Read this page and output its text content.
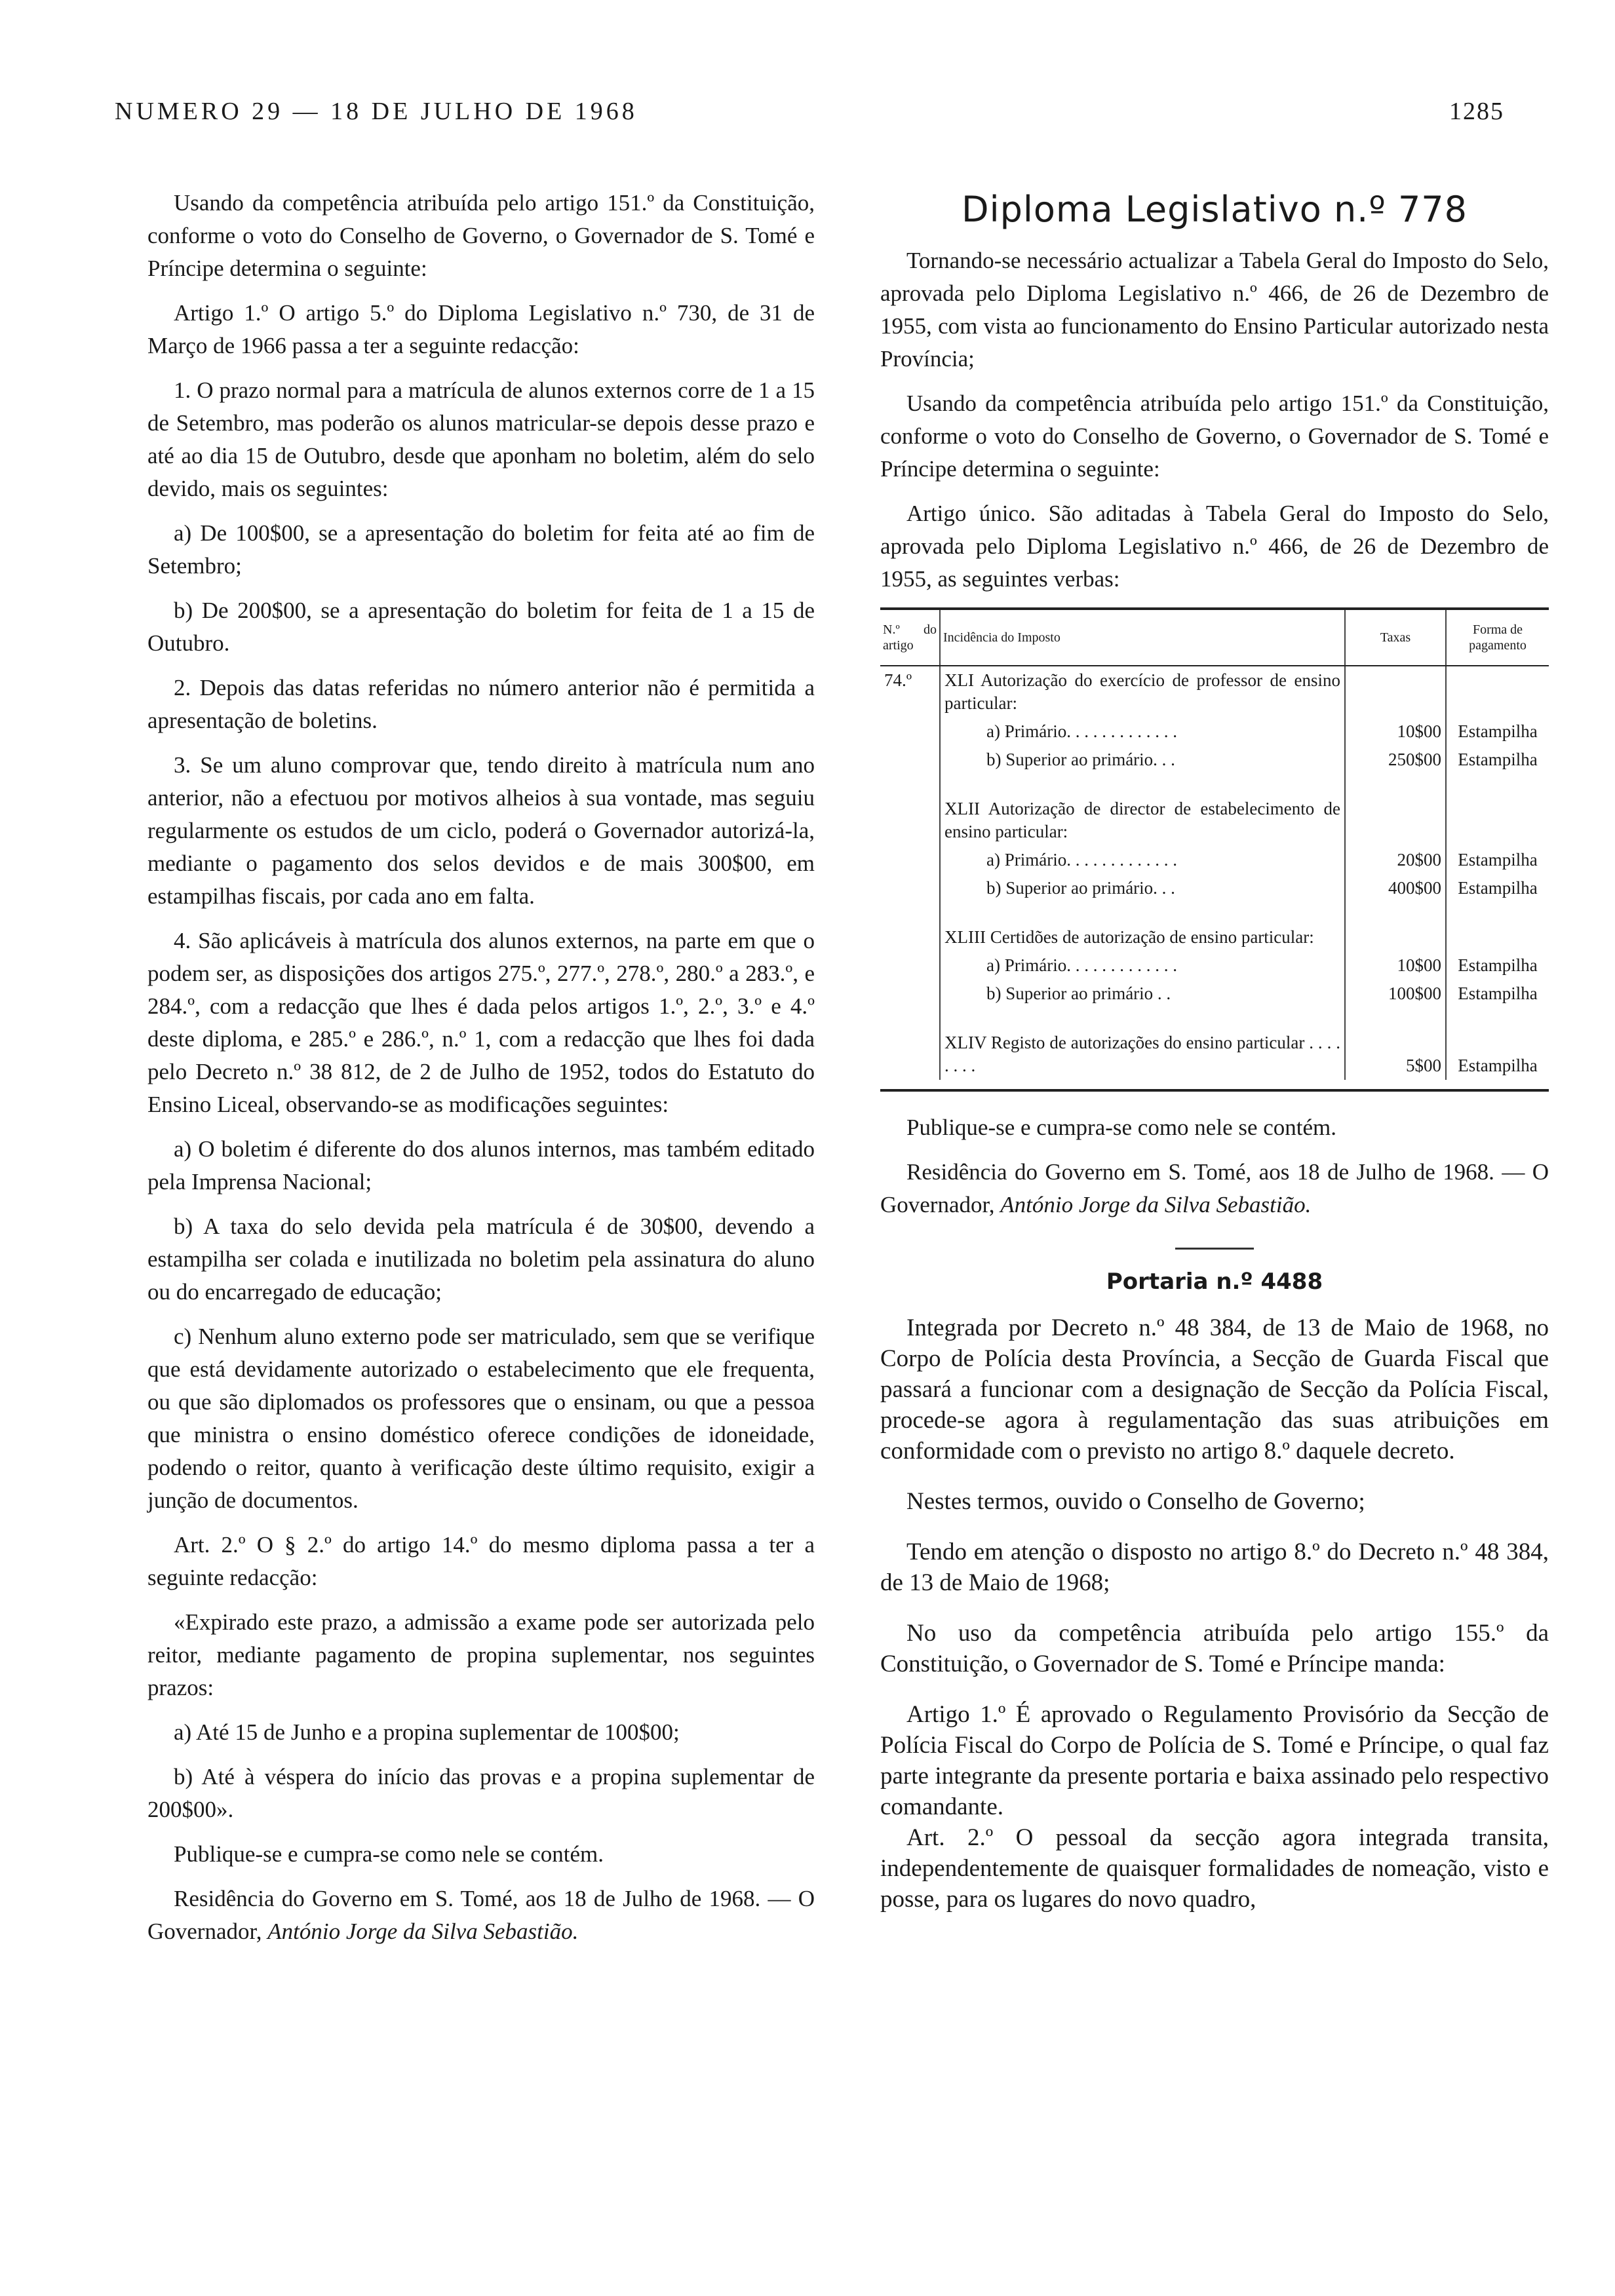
NUMERO 29 — 18 DE JULHO DE 1968	1285

Usando da competência atribuída pelo artigo 151.º da Constituição, conforme o voto do Conselho de Governo, o Governador de S. Tomé e Príncipe determina o seguinte:

Artigo 1.º O artigo 5.º do Diploma Legislativo n.º 730, de 31 de Março de 1966 passa a ter a seguinte redacção:

1. O prazo normal para a matrícula de alunos externos corre de 1 a 15 de Setembro, mas poderão os alunos matricular-se depois desse prazo e até ao dia 15 de Outubro, desde que aponham no boletim, além do selo devido, mais os seguintes:

a) De 100$00, se a apresentação do boletim for feita até ao fim de Setembro;

b) De 200$00, se a apresentação do boletim for feita de 1 a 15 de Outubro.

2. Depois das datas referidas no número anterior não é permitida a apresentação de boletins.

3. Se um aluno comprovar que, tendo direito à matrícula num ano anterior, não a efectuou por motivos alheios à sua vontade, mas seguiu regularmente os estudos de um ciclo, poderá o Governador autorizá-la, mediante o pagamento dos selos devidos e de mais 300$00, em estampilhas fiscais, por cada ano em falta.

4. São aplicáveis à matrícula dos alunos externos, na parte em que o podem ser, as disposições dos artigos 275.º, 277.º, 278.º, 280.º a 283.º, e 284.º, com a redacção que lhes é dada pelos artigos 1.º, 2.º, 3.º e 4.º deste diploma, e 285.º e 286.º, n.º 1, com a redacção que lhes foi dada pelo Decreto n.º 38 812, de 2 de Julho de 1952, todos do Estatuto do Ensino Liceal, observando-se as modificações seguintes:

a) O boletim é diferente do dos alunos internos, mas também editado pela Imprensa Nacional;

b) A taxa do selo devida pela matrícula é de 30$00, devendo a estampilha ser colada e inutilizada no boletim pela assinatura do aluno ou do encarregado de educação;

c) Nenhum aluno externo pode ser matriculado, sem que se verifique que está devidamente autorizado o estabelecimento que ele frequenta, ou que são diplomados os professores que o ensinam, ou que a pessoa que ministra o ensino doméstico oferece condições de idoneidade, podendo o reitor, quanto à verificação deste último requisito, exigir a junção de documentos.

Art. 2.º O § 2.º do artigo 14.º do mesmo diploma passa a ter a seguinte redacção:

«Expirado este prazo, a admissão a exame pode ser autorizada pelo reitor, mediante pagamento de propina suplementar, nos seguintes prazos:

a) Até 15 de Junho e a propina suplementar de 100$00;

b) Até à véspera do início das provas e a propina suplementar de 200$00».

Publique-se e cumpra-se como nele se contém.

Residência do Governo em S. Tomé, aos 18 de Julho de 1968. — O Governador, António Jorge da Silva Sebastião.

Diploma Legislativo n.º 778

Tornando-se necessário actualizar a Tabela Geral do Imposto do Selo, aprovada pelo Diploma Legislativo n.º 466, de 26 de Dezembro de 1955, com vista ao funcionamento do Ensino Particular autorizado nesta Província;

Usando da competência atribuída pelo artigo 151.º da Constituição, conforme o voto do Conselho de Governo, o Governador de S. Tomé e Príncipe determina o seguinte:

Artigo único. São aditadas à Tabela Geral do Imposto do Selo, aprovada pelo Diploma Legislativo n.º 466, de 26 de Dezembro de 1955, as seguintes verbas:

N.º do artigo	Incidência do Imposto	Taxas	Forma de pagamento
74.º	XLI Autorização do exercício de professor de ensino particular:		
	a) Primário. . . . . . . . . . . . .	10$00	Estampilha
	b) Superior ao primário. . .	250$00	Estampilha

	XLII Autorização de director de estabelecimento de ensino particular:		
	a) Primário. . . . . . . . . . . . .	20$00	Estampilha
	b) Superior ao primário. . .	400$00	Estampilha

	XLIII Certidões de autorização de ensino particular:		
	a) Primário. . . . . . . . . . . . .	10$00	Estampilha
	b) Superior ao primário . .	100$00	Estampilha

	XLIV Registo de autorizações do ensino particular . . . . . . . .	5$00	Estampilha

Publique-se e cumpra-se como nele se contém.

Residência do Governo em S. Tomé, aos 18 de Julho de 1968. — O Governador, António Jorge da Silva Sebastião.

Portaria n.º 4488

Integrada por Decreto n.º 48 384, de 13 de Maio de 1968, no Corpo de Polícia desta Província, a Secção de Guarda Fiscal que passará a funcionar com a designação de Secção da Polícia Fiscal, procede-se agora à regulamentação das suas atribuições em conformidade com o previsto no artigo 8.º daquele decreto.

Nestes termos, ouvido o Conselho de Governo;

Tendo em atenção o disposto no artigo 8.º do Decreto n.º 48 384, de 13 de Maio de 1968;

No uso da competência atribuída pelo artigo 155.º da Constituição, o Governador de S. Tomé e Príncipe manda:

Artigo 1.º É aprovado o Regulamento Provisório da Secção de Polícia Fiscal do Corpo de Polícia de S. Tomé e Príncipe, o qual faz parte integrante da presente portaria e baixa assinado pelo respectivo comandante.

Art. 2.º O pessoal da secção agora integrada transita, independentemente de quaisquer formalidades de nomeação, visto e posse, para os lugares do novo quadro,
